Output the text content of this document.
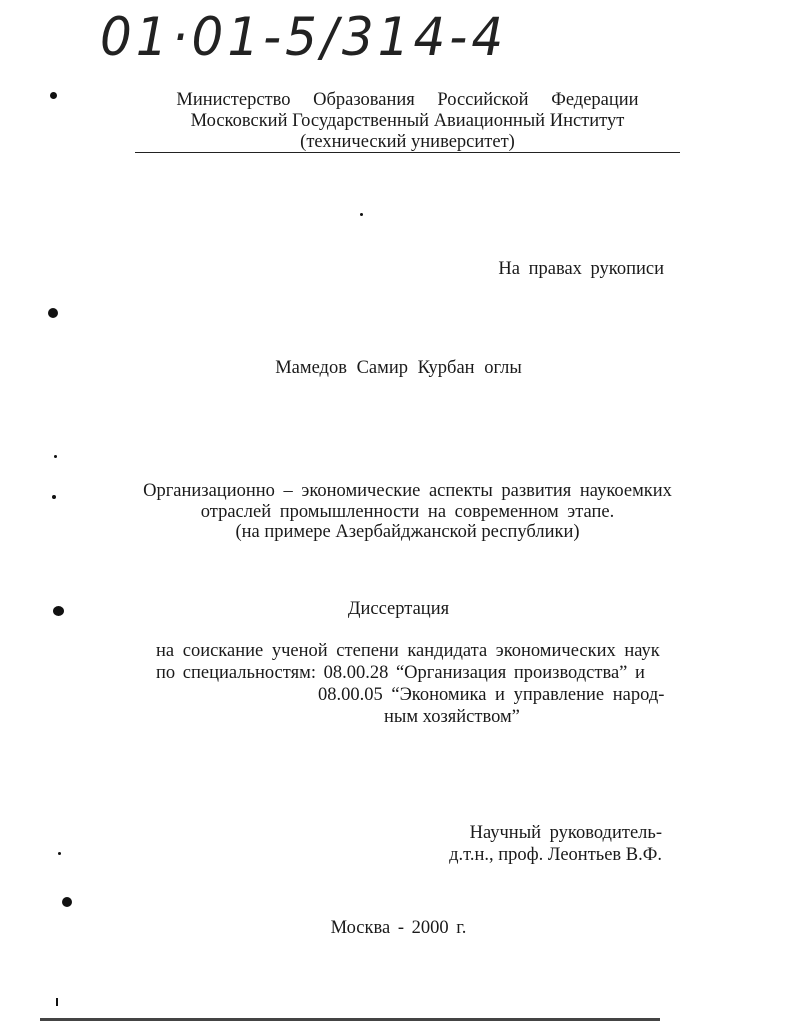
01·01-5/314-4
Министерство Образования Российской Федерации
Московский Государственный Авиационный Институт
(технический университет)
На правах рукописи
Мамедов Самир Курбан оглы
Организационно – экономические аспекты развития наукоемких
отраслей промышленности на современном этапе.
(на примере Азербайджанской республики)
Диссертация
на соискание ученой степени кандидата экономических наук
по специальностям: 08.00.28 “Организация производства” и
08.00.05 “Экономика и управление народ-
ным хозяйством”
Научный руководитель-
д.т.н., проф. Леонтьев В.Ф.
Москва - 2000 г.
